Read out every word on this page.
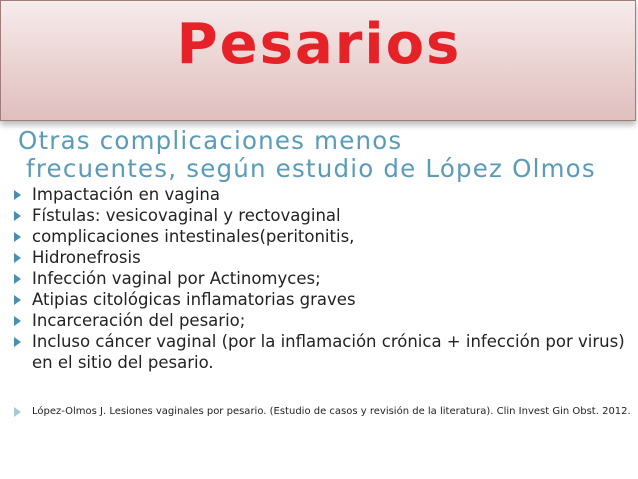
Pesarios
Otras complicaciones menos
frecuentes, según estudio de López Olmos
Impactación en vagina
Fístulas: vesicovaginal y rectovaginal
complicaciones intestinales(peritonitis,
Hidronefrosis
Infección vaginal por Actinomyces;
Atipias citológicas inflamatorias graves
Incarceración del pesario;
Incluso cáncer vaginal (por la inflamación crónica + infección por virus) en el sitio del pesario.
López-Olmos J. Lesiones vaginales por pesario. (Estudio de casos y revisión de la literatura). Clin Invest Gin Obst. 2012.
